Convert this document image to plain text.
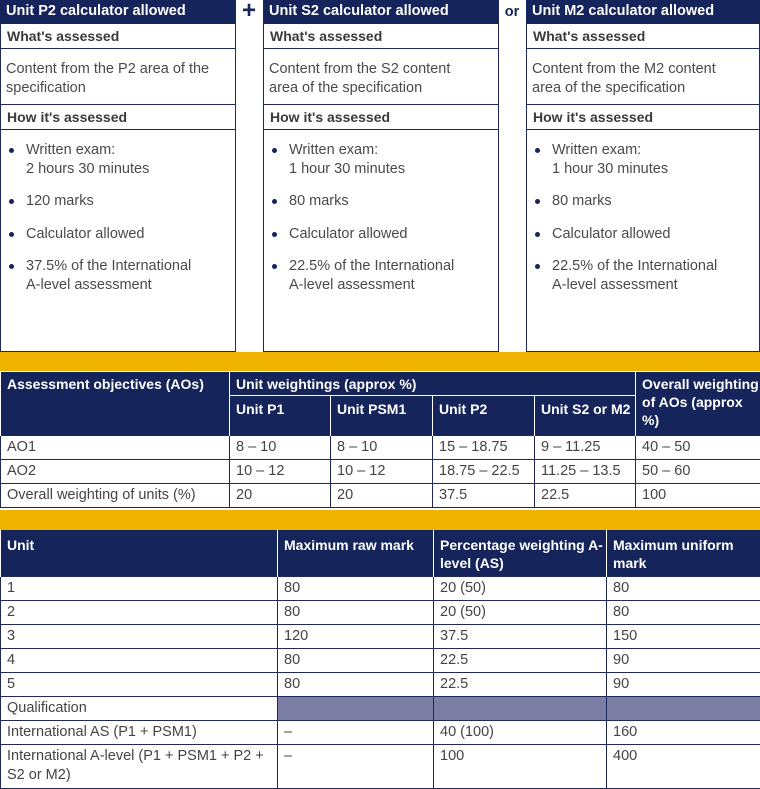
Unit P2 calculator allowed
What's assessed
Content from the P2 area of the
specification
How it's assessed
Written exam:
2 hours 30 minutes
120 marks
Calculator allowed
37.5% of the International
A-level assessment
Unit S2 calculator allowed
What's assessed
Content from the S2 content
area of the specification
How it's assessed
Written exam:
1 hour 30 minutes
80 marks
Calculator allowed
22.5% of the International
A-level assessment
Unit M2 calculator allowed
What's assessed
Content from the M2 content
area of the specification
How it's assessed
Written exam:
1 hour 30 minutes
80 marks
Calculator allowed
22.5% of the International
A-level assessment
+	or
Assessment objectives (AOs)	Unit weightings (approx %)				Overall weighting of AOs (approx %)
	Unit P1	Unit PSM1	Unit P2	Unit S2 or M2	
AO1	8 – 10	8 – 10	15 – 18.75	9 – 11.25	40 – 50
AO2	10 – 12	10 – 12	18.75 – 22.5	11.25 – 13.5	50 – 60
Overall weighting of units (%)	20	20	37.5	22.5	100
Unit	Maximum raw mark	Percentage weighting A-level (AS)	Maximum uniform mark
1	80	20 (50)	80
2	80	20 (50)	80
3	120	37.5	150
4	80	22.5	90
5	80	22.5	90
Qualification			
International AS (P1 + PSM1)	–	40 (100)	160
International A-level (P1 + PSM1 + P2 + S2 or M2)	–	100	400
